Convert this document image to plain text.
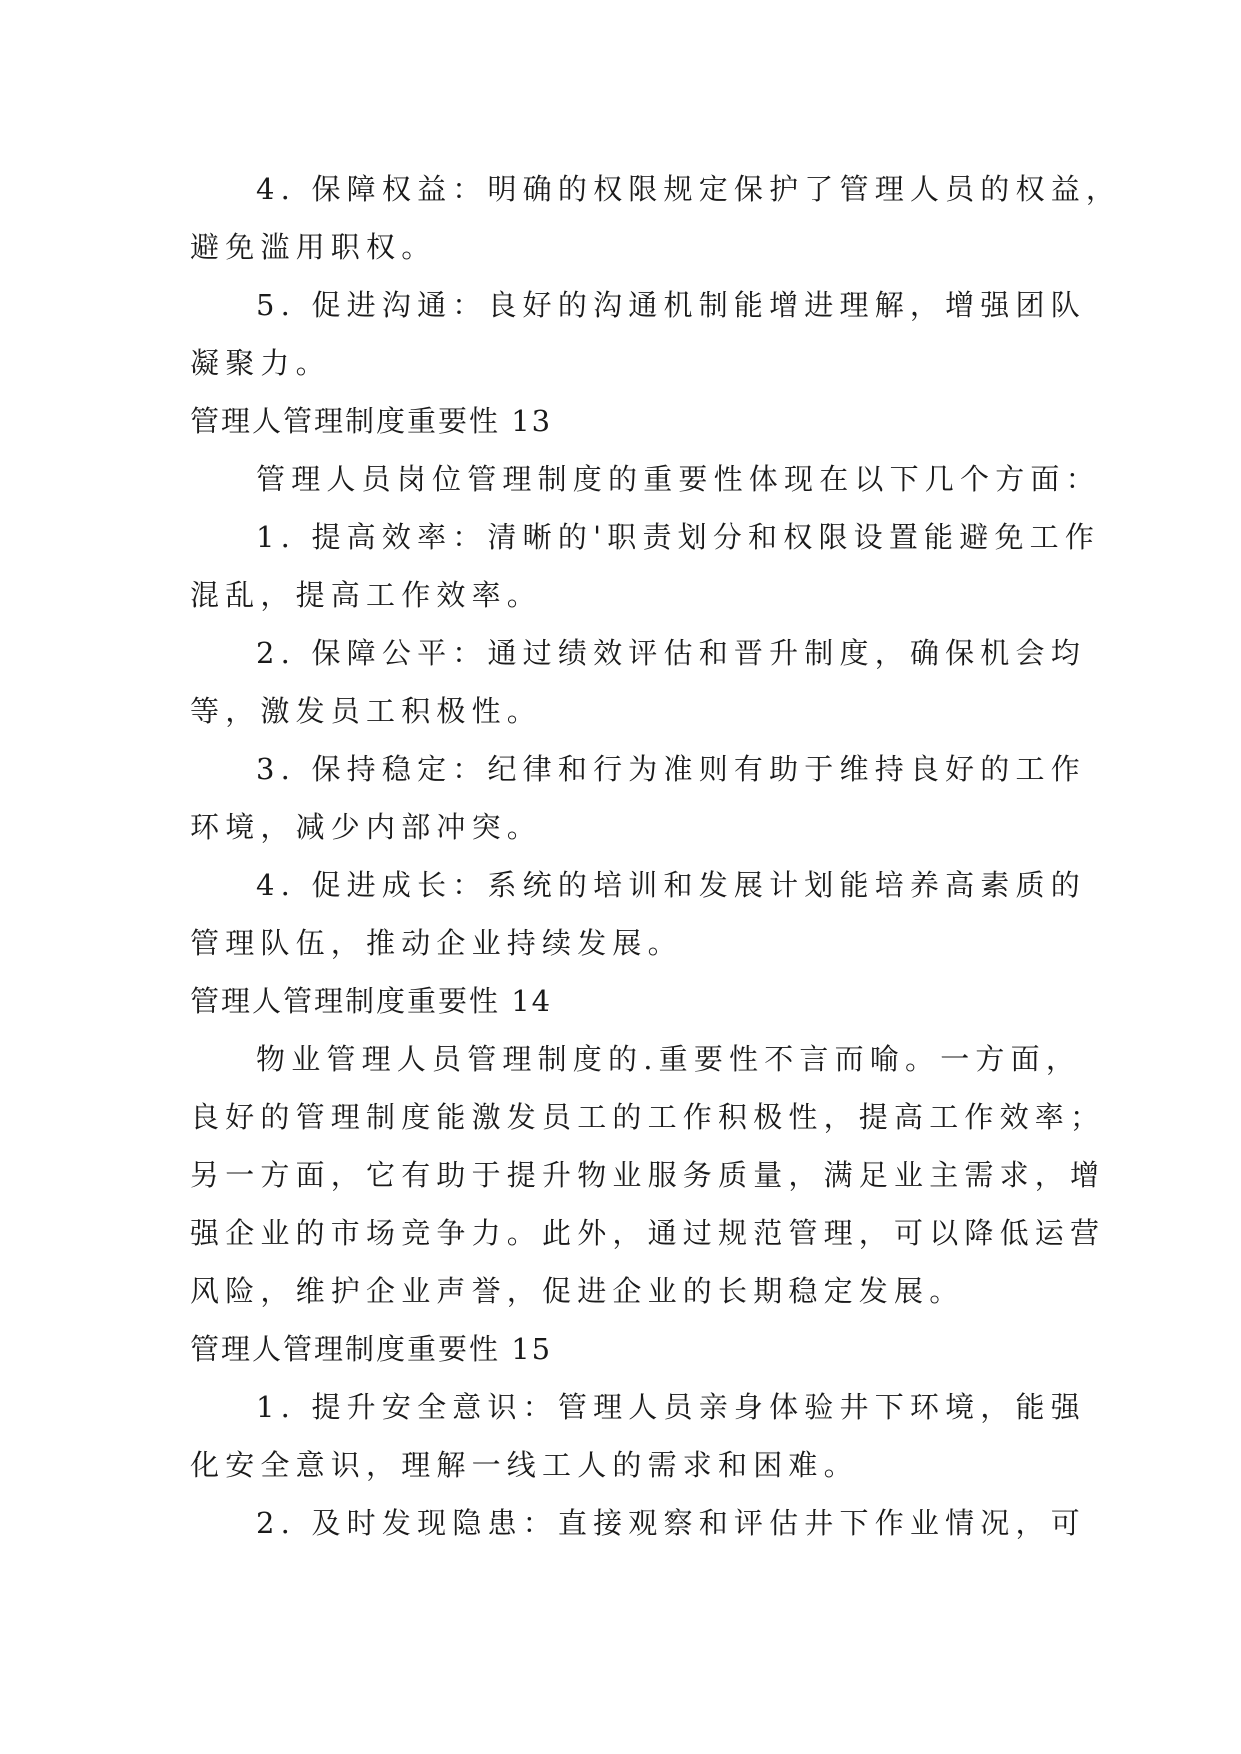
4. 保障权益：明确的权限规定保护了管理人员的权益，
避免滥用职权。
5. 促进沟通：良好的沟通机制能增进理解，增强团队
凝聚力。
管理人管理制度重要性 13
管理人员岗位管理制度的重要性体现在以下几个方面：
1. 提高效率：清晰的'职责划分和权限设置能避免工作
混乱，提高工作效率。
2. 保障公平：通过绩效评估和晋升制度，确保机会均
等，激发员工积极性。
3. 保持稳定：纪律和行为准则有助于维持良好的工作
环境，减少内部冲突。
4. 促进成长：系统的培训和发展计划能培养高素质的
管理队伍，推动企业持续发展。
管理人管理制度重要性 14
物业管理人员管理制度的.重要性不言而喻。一方面，
良好的管理制度能激发员工的工作积极性，提高工作效率；
另一方面，它有助于提升物业服务质量，满足业主需求，增
强企业的市场竞争力。此外，通过规范管理，可以降低运营
风险，维护企业声誉，促进企业的长期稳定发展。
管理人管理制度重要性 15
1. 提升安全意识：管理人员亲身体验井下环境，能强
化安全意识，理解一线工人的需求和困难。
2. 及时发现隐患：直接观察和评估井下作业情况，可
